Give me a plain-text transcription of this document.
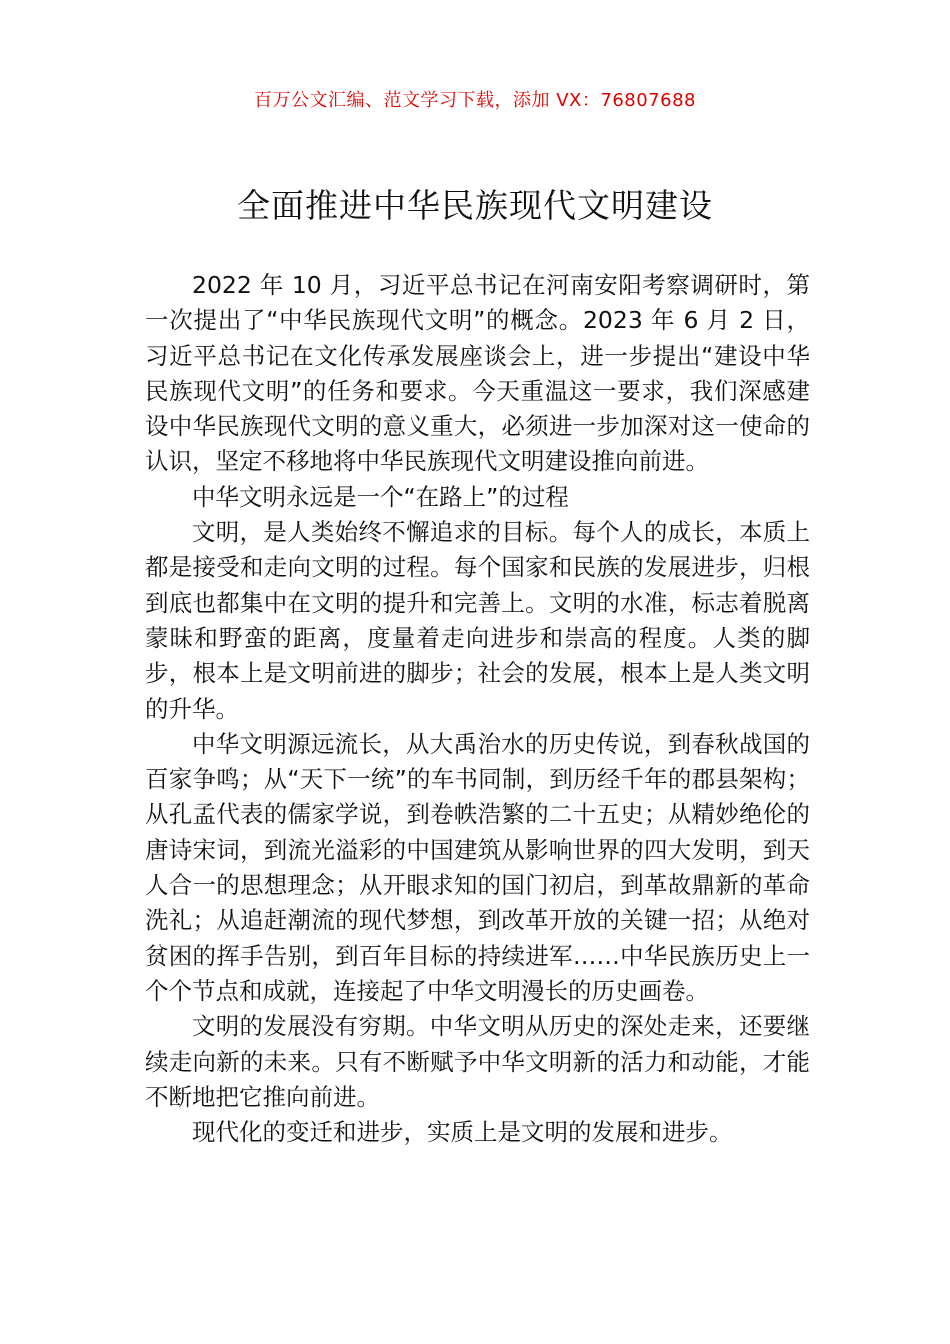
百万公文汇编、范文学习下载，添加 VX：76807688
全面推进中华民族现代文明建设

2022 年 10 月，习近平总书记在河南安阳考察调研时，第一次提出了“中华民族现代文明”的概念。2023 年 6 月 2 日，习近平总书记在文化传承发展座谈会上，进一步提出“建设中华民族现代文明”的任务和要求。今天重温这一要求，我们深感建设中华民族现代文明的意义重大，必须进一步加深对这一使命的认识，坚定不移地将中华民族现代文明建设推向前进。

中华文明永远是一个“在路上”的过程

文明，是人类始终不懈追求的目标。每个人的成长，本质上都是接受和走向文明的过程。每个国家和民族的发展进步，归根到底也都集中在文明的提升和完善上。文明的水准，标志着脱离蒙昧和野蛮的距离，度量着走向进步和崇高的程度。人类的脚步，根本上是文明前进的脚步；社会的发展，根本上是人类文明的升华。

中华文明源远流长，从大禹治水的历史传说，到春秋战国的百家争鸣；从“天下一统”的车书同制，到历经千年的郡县架构；从孔孟代表的儒家学说，到卷帙浩繁的二十五史；从精妙绝伦的唐诗宋词，到流光溢彩的中国建筑从影响世界的四大发明，到天人合一的思想理念；从开眼求知的国门初启，到革故鼎新的革命洗礼；从追赶潮流的现代梦想，到改革开放的关键一招；从绝对贫困的挥手告别，到百年目标的持续进军……中华民族历史上一个个节点和成就，连接起了中华文明漫长的历史画卷。

文明的发展没有穷期。中华文明从历史的深处走来，还要继续走向新的未来。只有不断赋予中华文明新的活力和动能，才能不断地把它推向前进。

现代化的变迁和进步，实质上是文明的发展和进步。
